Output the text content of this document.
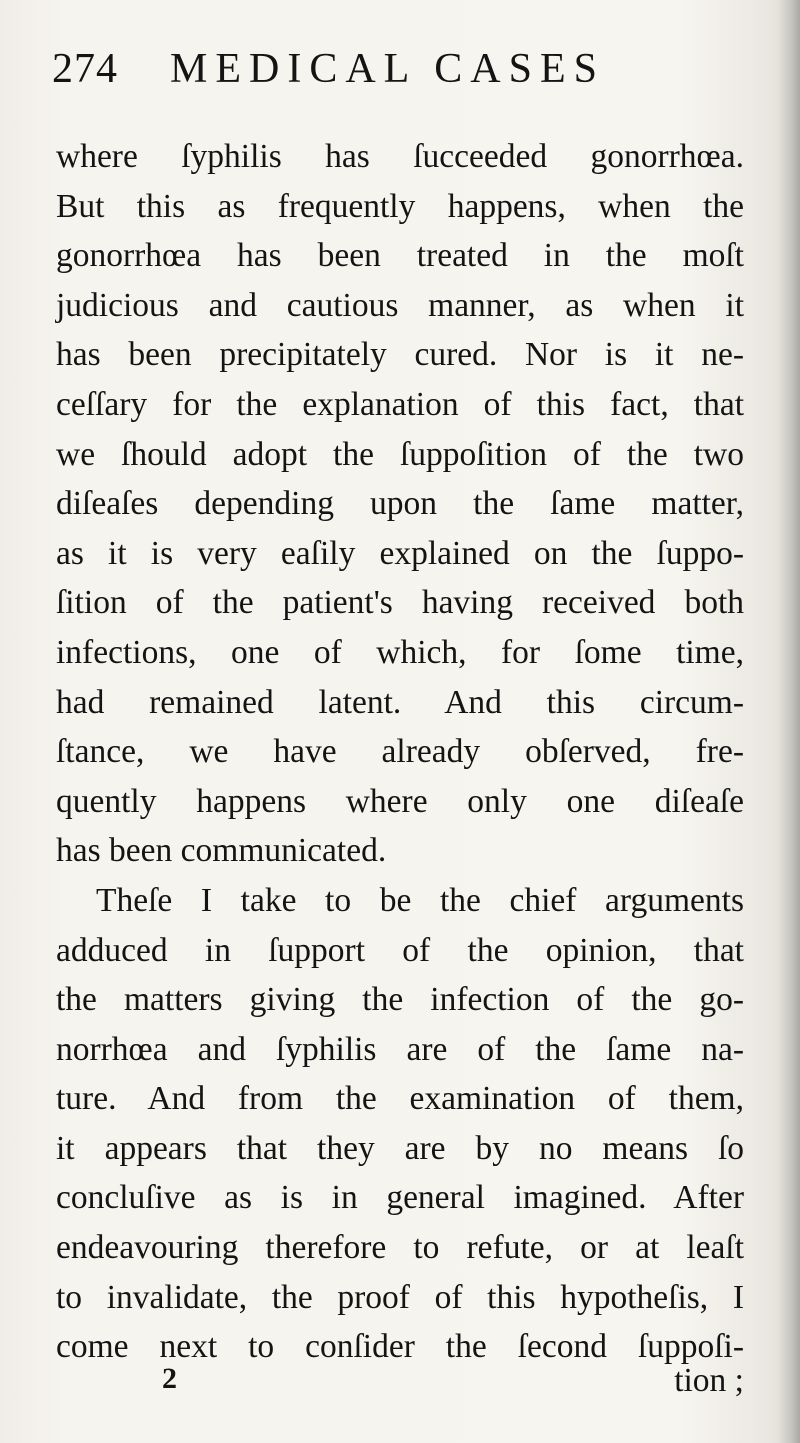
274 MEDICAL CASES
where ſyphilis has ſucceeded gonorrhœa.
But this as frequently happens, when the
gonorrhœa has been treated in the moſt
judicious and cautious manner, as when it
has been precipitately cured. Nor is it ne-
ceſſary for the explanation of this fact, that
we ſhould adopt the ſuppoſition of the two
diſeaſes depending upon the ſame matter,
as it is very eaſily explained on the ſuppo-
ſition of the patient's having received both
infections, one of which, for ſome time,
had remained latent. And this circum-
ſtance, we have already obſerved, fre-
quently happens where only one diſeaſe
has been communicated.
Theſe I take to be the chief arguments
adduced in ſupport of the opinion, that
the matters giving the infection of the go-
norrhœa and ſyphilis are of the ſame na-
ture. And from the examination of them,
it appears that they are by no means ſo
concluſive as is in general imagined. After
endeavouring therefore to refute, or at leaſt
to invalidate, the proof of this hypotheſis, I
come next to conſider the ſecond ſuppoſi-
2	tion ;
